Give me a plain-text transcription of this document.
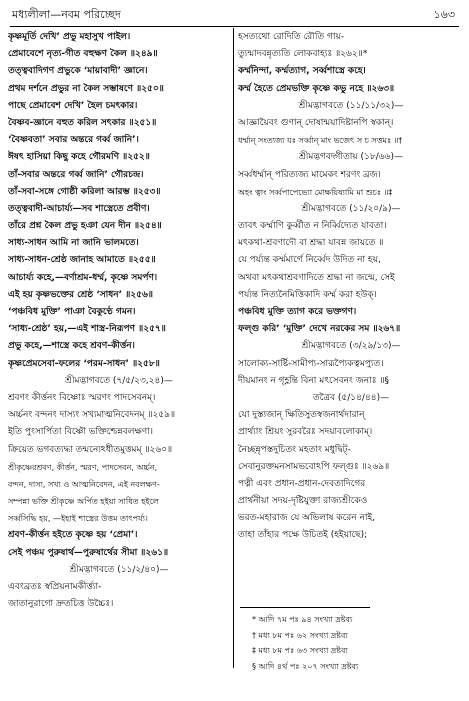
মধ্যলীলা—নবম পরিচ্ছেদ	১৬৩
কৃষ্ণমূর্তি দেখি’ প্রভু মহাসুখ পাইল।
প্রেমাবেশে নৃত্য-গীত বহুক্ষণ কৈল ॥২৪৯॥
তত্ত্ববাদিগণ প্রভুকে ‘মায়াবাদী’ জ্ঞানে।
প্রথম দর্শনে প্রভুর না কৈল সম্ভাষণে ॥২৫০॥
পাছে প্রেমাবেশ দেখি’ হৈল চমৎকার।
বৈষ্ণব-জ্ঞানে বহুত করিল সৎকার ॥২৫১॥
‘বৈষ্ণবতা’ সবার অন্তরে গর্ব্ব জানি’।
ঈষৎ হাসিয়া কিছু কহে গৌরমণি ॥২৫২॥
তাঁ-সবার অন্তরে গর্ব্ব জানি’ গৌরচন্দ্র।
তাঁ-সবা-সঙ্গে গোষ্ঠী করিলা আরম্ভ ॥২৫৩॥
তত্ত্ববাদী-আচার্য্য—সব শাস্ত্রেতে প্রবীণ।
তাঁরে প্রশ্ন কৈল প্রভু হঞা যেন দীন ॥২৫৪॥
সাধ্য-সাধন আমি না জানি ভালমতে।
সাধ্য-সাধন-শ্রেষ্ঠ জানাহ আমাতে ॥২৫৫॥
আচার্য্য কহে,—বর্ণাশ্রম-ধর্ম্ম, কৃষ্ণে সমর্পণ।
এই হয় কৃষ্ণভক্তের শ্রেষ্ঠ ‘সাধন’ ॥২৫৬॥
‘পঞ্চবিধ মুক্তি’ পাঞা বৈকুণ্ঠে গমন।
‘সাধ্য-শ্রেষ্ঠ’ হয়,—এই শাস্ত্র-নিরূপণ ॥২৫৭॥
প্রভু কহে,—শাস্ত্রে কহে শ্রবণ-কীর্ত্তন।
কৃষ্ণপ্রেমসেবা-ফলের ‘পরম-সাধন’ ॥২৫৮॥
শ্রীমদ্ভাগবতে (৭/৫/২৩,২৪)—
শ্রবণং কীর্ত্তনং বিষ্ণোঃ স্মরণং পাদসেবনম্‌।
অর্চ্চনং বন্দনং দাস্যং সখ্যমাত্মনিবেদনম্ ॥২৫৯॥
ইতি পুংসার্পিতা বিষ্ণৌ ভক্তিশ্চেন্নবলক্ষণা।
ক্রিয়েত ভগবত্যদ্ধা তন্মন্যেঽধীতমুত্তমম্ ॥২৬০॥
শ্রীকৃষ্ণেরশ্রবণ, কীর্ত্তন, স্মরণ, পাদসেবন, অর্চ্চন,
বন্দন, দাস্য, সখ্য ও আত্মনিবেদন, এই নবলক্ষণ-
সম্পন্না ভক্তি শ্রীকৃষ্ণে অর্পিত হইয়া সাধিত হইলে
সর্ব্বসিদ্ধি হয়, —ইহাই শাস্ত্রের উত্তম তাৎপর্য্য।
শ্রবণ-কীর্ত্তন হইতে কৃষ্ণে হয় ‘প্রেমা’।
সেই পঞ্চম পুরুষার্থ—পুরুষার্থের সীমা ॥২৬১॥
শ্রীমদ্ভাগবতে (১১/২/৪০)—
এবংব্রতঃ স্বপ্রিয়নামকীর্ত্ত্যা-
জাতানুরাগো দ্রুতচিত্ত উচ্চৈঃ।
হসত্যথো রোদিতি রৌতি গায়-
ত্যুন্মাদবন্নৃত্যতি লোকবাহ্যঃ ॥২৬২॥*
কর্ম্মনিন্দা, কর্ম্মত্যাগ, সর্ব্বশাস্ত্রে কহে।
কর্ম্ম হৈতে প্রেমভক্তি কৃষ্ণে কভু নহে ॥২৬৩॥
শ্রীমদ্ভাগবতে (১১/১১/৩২)—
আজ্ঞায়ৈবং গুণান্ দোষান্ময়াদিষ্টানপি স্বকান্।
ধর্ম্মান্ সংত্যজ্য যঃ সর্ব্বান্ মাং ভজেৎ স চ সত্তমঃ ॥†
শ্রীমদ্ভগবদ্গীতায় (১৮/৬৬)—
সর্ব্বধর্ম্মান্ পরিত্যজ্য মামেকং শরণং ব্রজ।
অহং ত্বাং সর্ব্বপাপেভ্যো মোক্ষয়িষ্যামি মা শুচঃ ॥‡
শ্রীমদ্ভাগবতে (১১/২০/৯)—
তাবৎ কর্ম্মাণি কুর্ব্বীত ন নির্ব্বিদ্যেত যাবতা।
মৎকথা-শ্রবণাদৌ বা শ্রদ্ধা যাবন্ন জায়তে ॥
যে পর্য্যন্ত কর্ম্মমার্গে নির্ব্বেদ উদিত না হয়,
অথবা মৎকথাশ্রবণাদিতে শ্রদ্ধা না জন্মে, সেই
পর্য্যন্ত নিত্যনৈমিত্তিকাদি কর্ম্ম করা হউক্।
পঞ্চবিধ মুক্তি ত্যাগ করে ভক্তগণ।
ফল্গু করি’ ‘মুক্তি’ দেখে নরকের সম ॥২৬৭॥
শ্রীমদ্ভাগবতে (৩/২৯/১৩)—
সালোক্য-সার্ষ্টি-সামীপ্য-সারূপ্যৈকত্বমপ্যুত।
দীয়মানং ন গৃহ্ণন্তি বিনা মৎসেবনং জনাঃ ॥§
তত্রৈব (৫/১৪/৪৪)—
যো দুস্ত্যজান্ ক্ষিতিসুতস্বজনার্থদারান্
প্রার্থ্যাং শ্রিয়ং সুরবরৈঃ সদয়াবলোকাম্।
নৈচ্ছন্নৃপস্তদুচিতং মহতাং মধুদ্বিট্-
সেবানুরক্তমনসামভবোঽপি ফল্গুঃ ॥২৬৯॥
পত্নী এবং প্রধান-প্রধান-দেবতাদিগের
প্রার্থনীয়া সদয়-দৃষ্টিযুক্তা রাজ্যশ্রীকেও
ভরত-মহারাজ যে অভিলাষ করেন নাই,
তাহা তাঁহার পক্ষে উচিতই (হইয়াছে);
* আদি ৭ম পঃ ৯৪ সংখ্যা দ্রষ্টব্য
† মধ্য ৮ম পঃ ৬২ সংখ্যা দ্রষ্টব্য
‡ মধ্য ৮ম পঃ ৬৩ সংখ্যা দ্রষ্টব্য
§ আদি ৪র্থ পঃ ২০৭ সংখ্যা দ্রষ্টব্য
